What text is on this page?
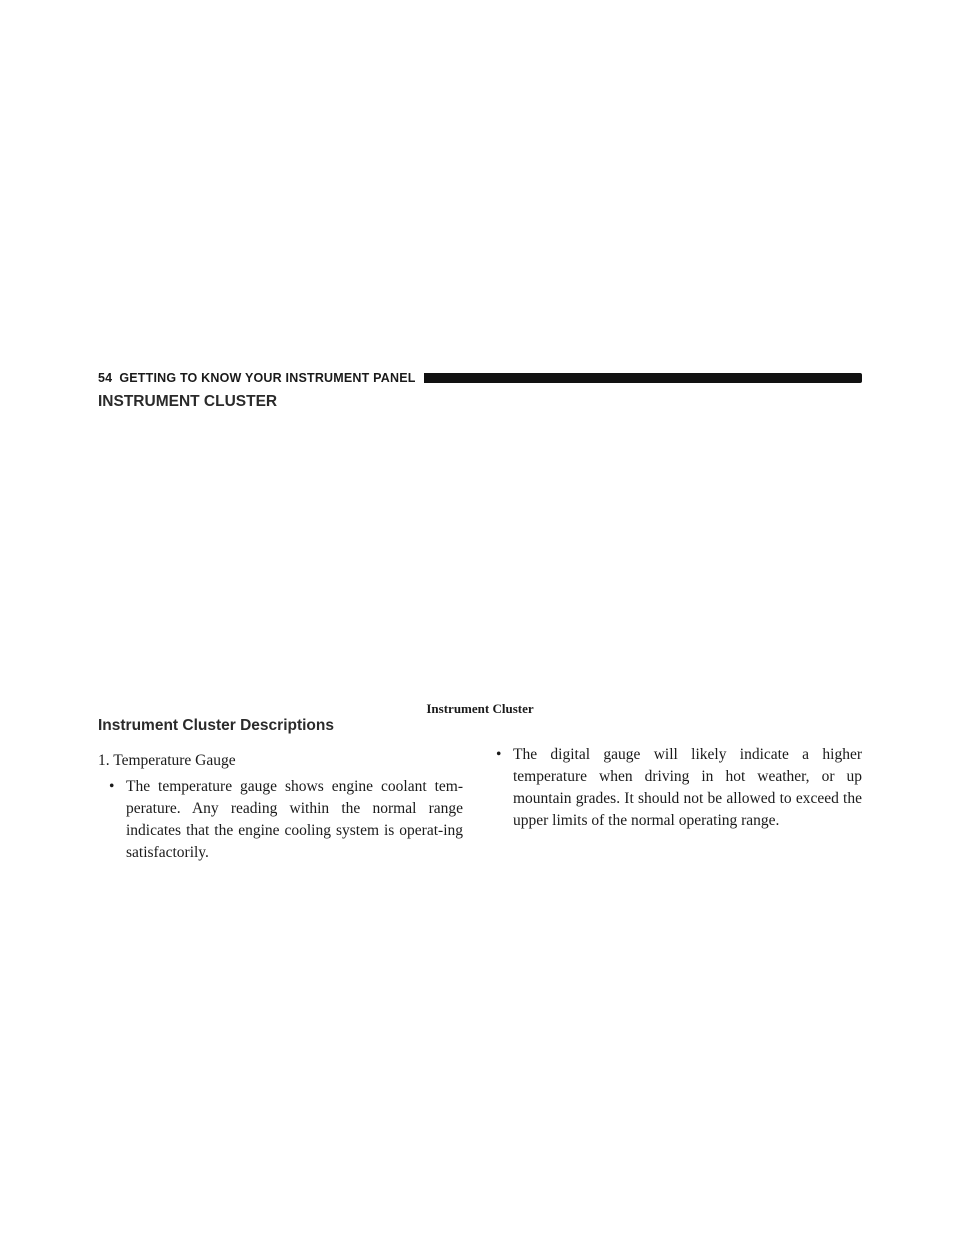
54 GETTING TO KNOW YOUR INSTRUMENT PANEL
INSTRUMENT CLUSTER
Instrument Cluster
Instrument Cluster Descriptions
1. Temperature Gauge
• The temperature gauge shows engine coolant tem-perature. Any reading within the normal range indicates that the engine cooling system is operat-ing satisfactorily.
• The digital gauge will likely indicate a higher temperature when driving in hot weather, or up mountain grades. It should not be allowed to exceed the upper limits of the normal operating range.
